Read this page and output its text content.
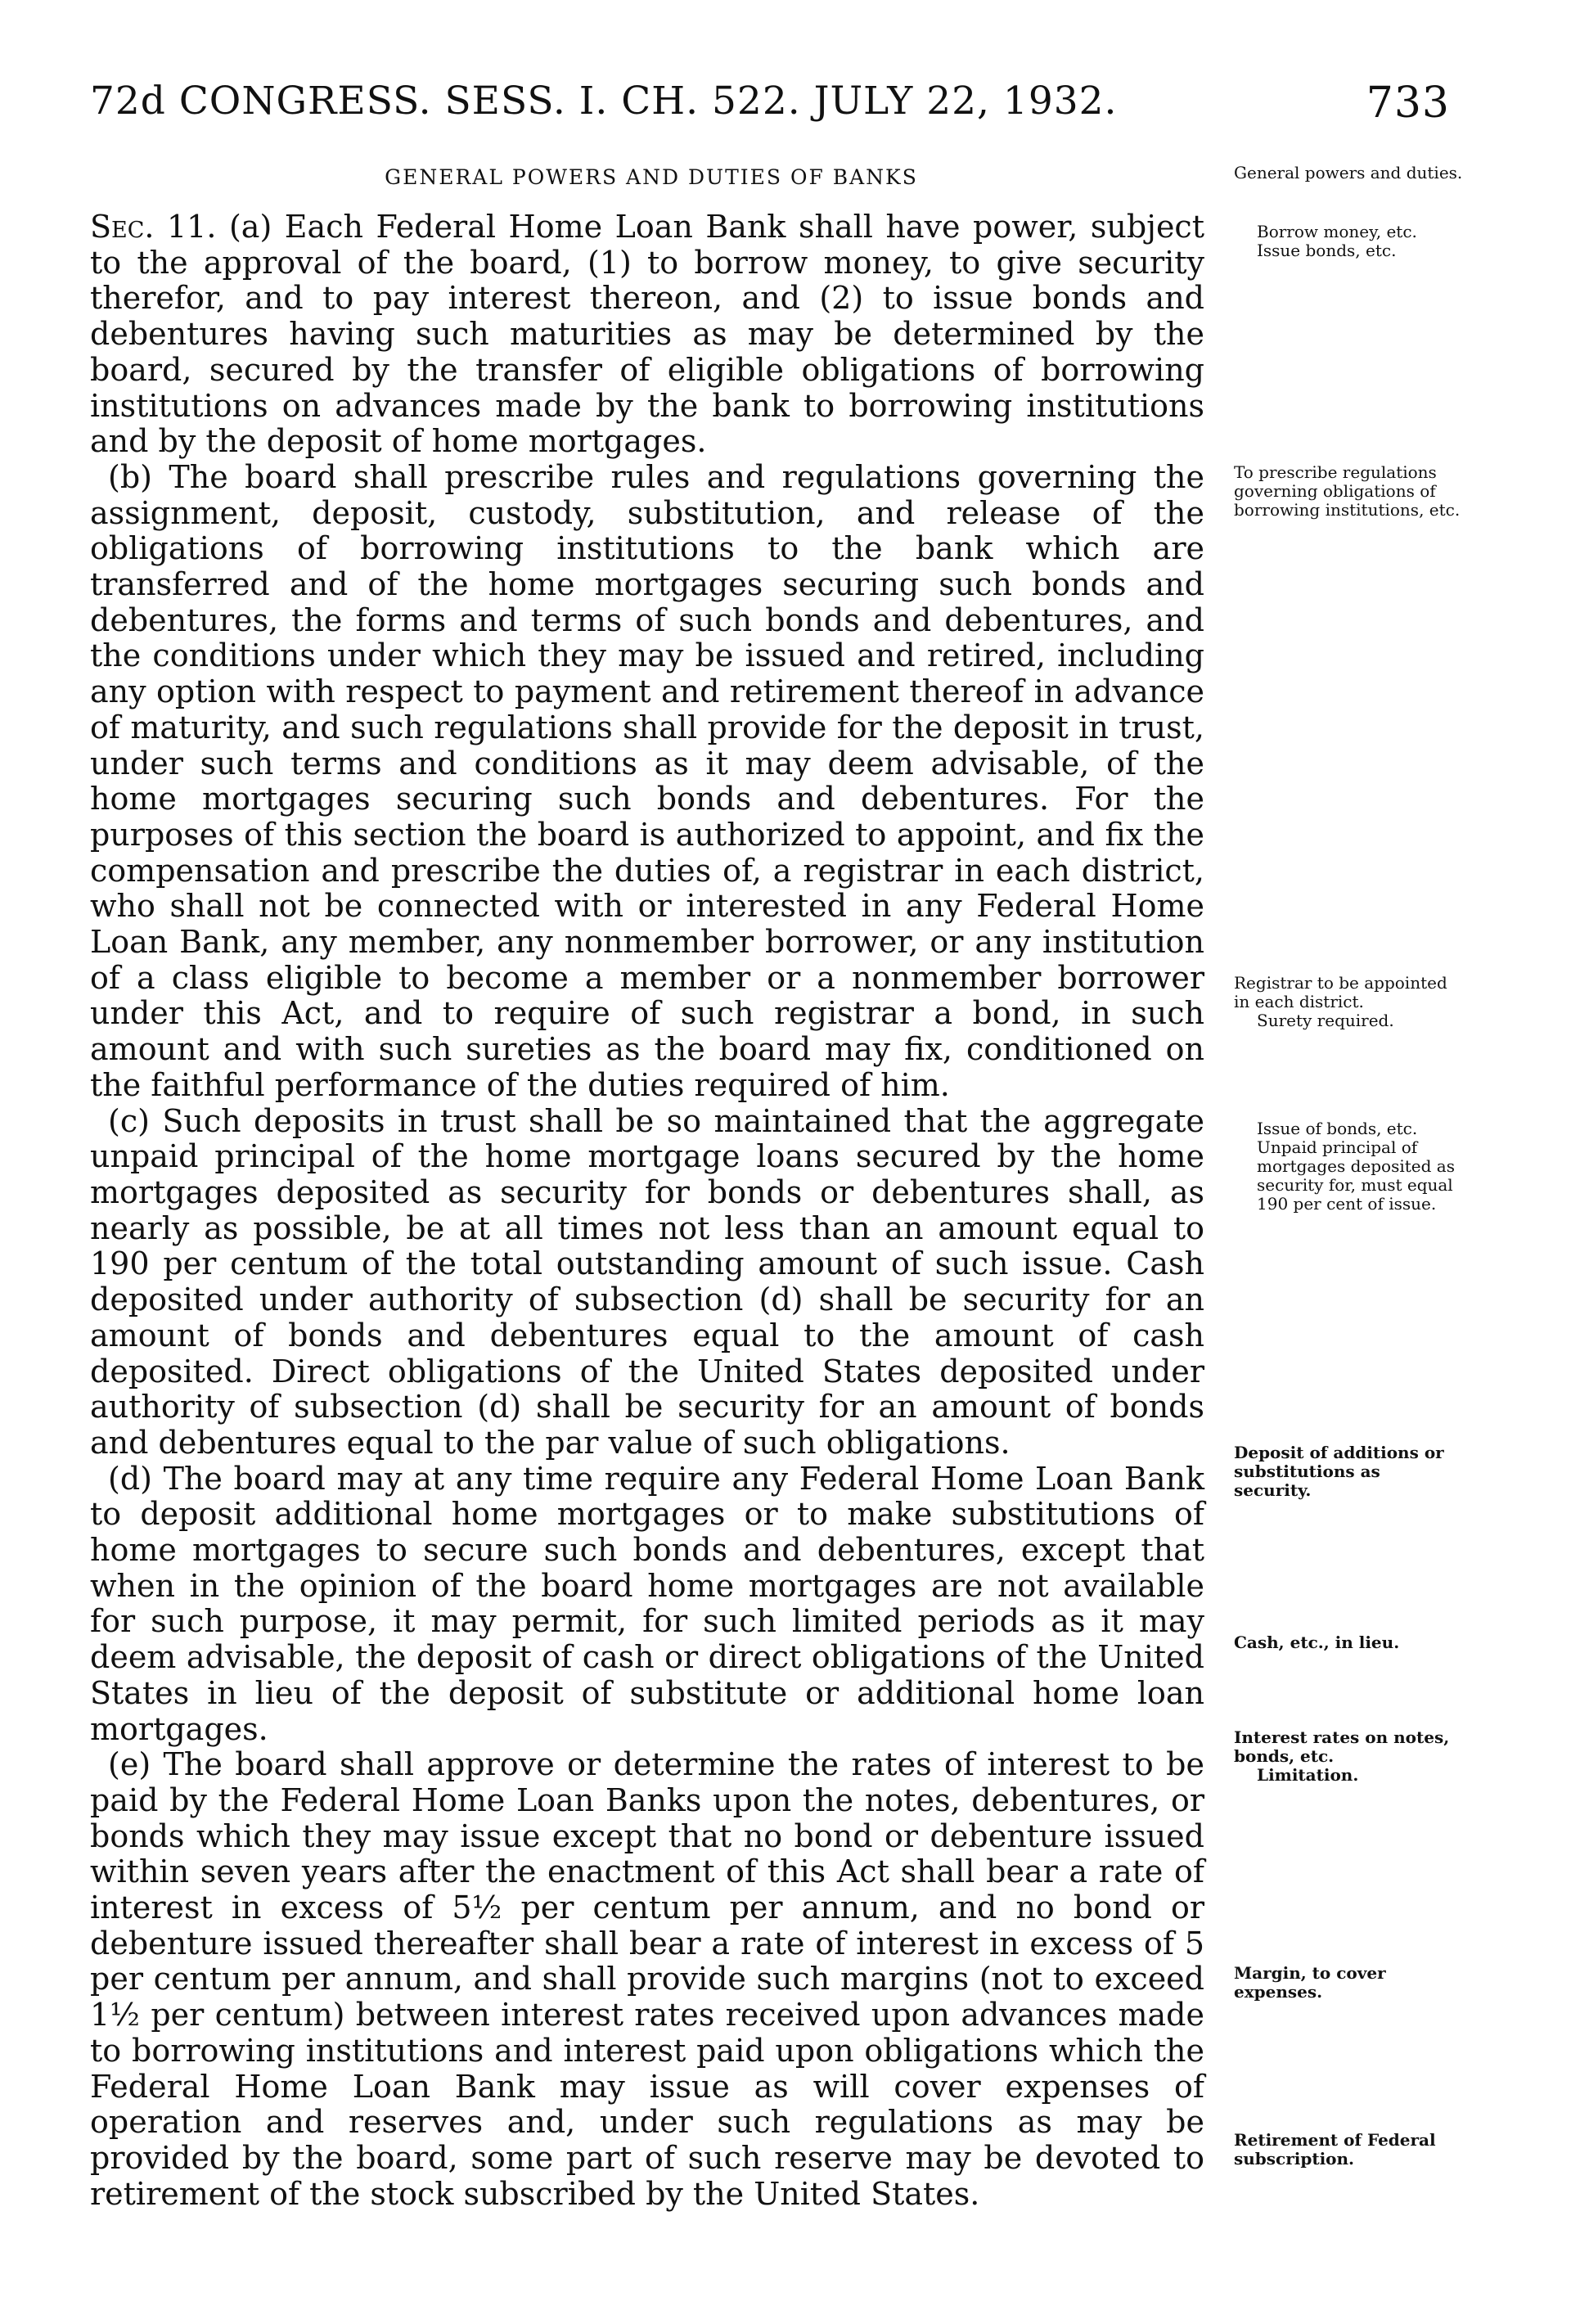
72d CONGRESS. SESS. I. CH. 522. JULY 22, 1932.	733
GENERAL POWERS AND DUTIES OF BANKS

Sec. 11. (a) Each Federal Home Loan Bank shall have power, subject to the approval of the board, (1) to borrow money, to give security therefor, and to pay interest thereon, and (2) to issue bonds and debentures having such maturities as may be determined by the board, secured by the transfer of eligible obligations of borrowing institutions on advances made by the bank to borrowing institutions and by the deposit of home mortgages.

(b) The board shall prescribe rules and regulations governing the assignment, deposit, custody, substitution, and release of the obligations of borrowing institutions to the bank which are transferred and of the home mortgages securing such bonds and debentures, the forms and terms of such bonds and debentures, and the conditions under which they may be issued and retired, including any option with respect to payment and retirement thereof in advance of maturity, and such regulations shall provide for the deposit in trust, under such terms and conditions as it may deem advisable, of the home mortgages securing such bonds and debentures. For the purposes of this section the board is authorized to appoint, and fix the compensation and prescribe the duties of, a registrar in each district, who shall not be connected with or interested in any Federal Home Loan Bank, any member, any nonmember borrower, or any institution of a class eligible to become a member or a nonmember borrower under this Act, and to require of such registrar a bond, in such amount and with such sureties as the board may fix, conditioned on the faithful performance of the duties required of him.

(c) Such deposits in trust shall be so maintained that the aggregate unpaid principal of the home mortgage loans secured by the home mortgages deposited as security for bonds or debentures shall, as nearly as possible, be at all times not less than an amount equal to 190 per centum of the total outstanding amount of such issue. Cash deposited under authority of subsection (d) shall be security for an amount of bonds and debentures equal to the amount of cash deposited. Direct obligations of the United States deposited under authority of subsection (d) shall be security for an amount of bonds and debentures equal to the par value of such obligations.

(d) The board may at any time require any Federal Home Loan Bank to deposit additional home mortgages or to make substitutions of home mortgages to secure such bonds and debentures, except that when in the opinion of the board home mortgages are not available for such purpose, it may permit, for such limited periods as it may deem advisable, the deposit of cash or direct obligations of the United States in lieu of the deposit of substitute or additional home loan mortgages.

(e) The board shall approve or determine the rates of interest to be paid by the Federal Home Loan Banks upon the notes, debentures, or bonds which they may issue except that no bond or debenture issued within seven years after the enactment of this Act shall bear a rate of interest in excess of 5½ per centum per annum, and no bond or debenture issued thereafter shall bear a rate of interest in excess of 5 per centum per annum, and shall provide such margins (not to exceed 1½ per centum) between interest rates received upon advances made to borrowing institutions and interest paid upon obligations which the Federal Home Loan Bank may issue as will cover expenses of operation and reserves and, under such regulations as may be provided by the board, some part of such reserve may be devoted to retirement of the stock subscribed by the United States.

General powers and duties.
Borrow money, etc.
Issue bonds, etc.
To prescribe regulations governing obligations of borrowing institutions, etc.
Registrar to be appointed in each district.
Surety required.
Issue of bonds, etc.
Unpaid principal of mortgages deposited as security for, must equal 190 per cent of issue.
Deposit of additions or substitutions as security.
Cash, etc., in lieu.
Interest rates on notes, bonds, etc.
Limitation.
Margin, to cover expenses.
Retirement of Federal subscription.
